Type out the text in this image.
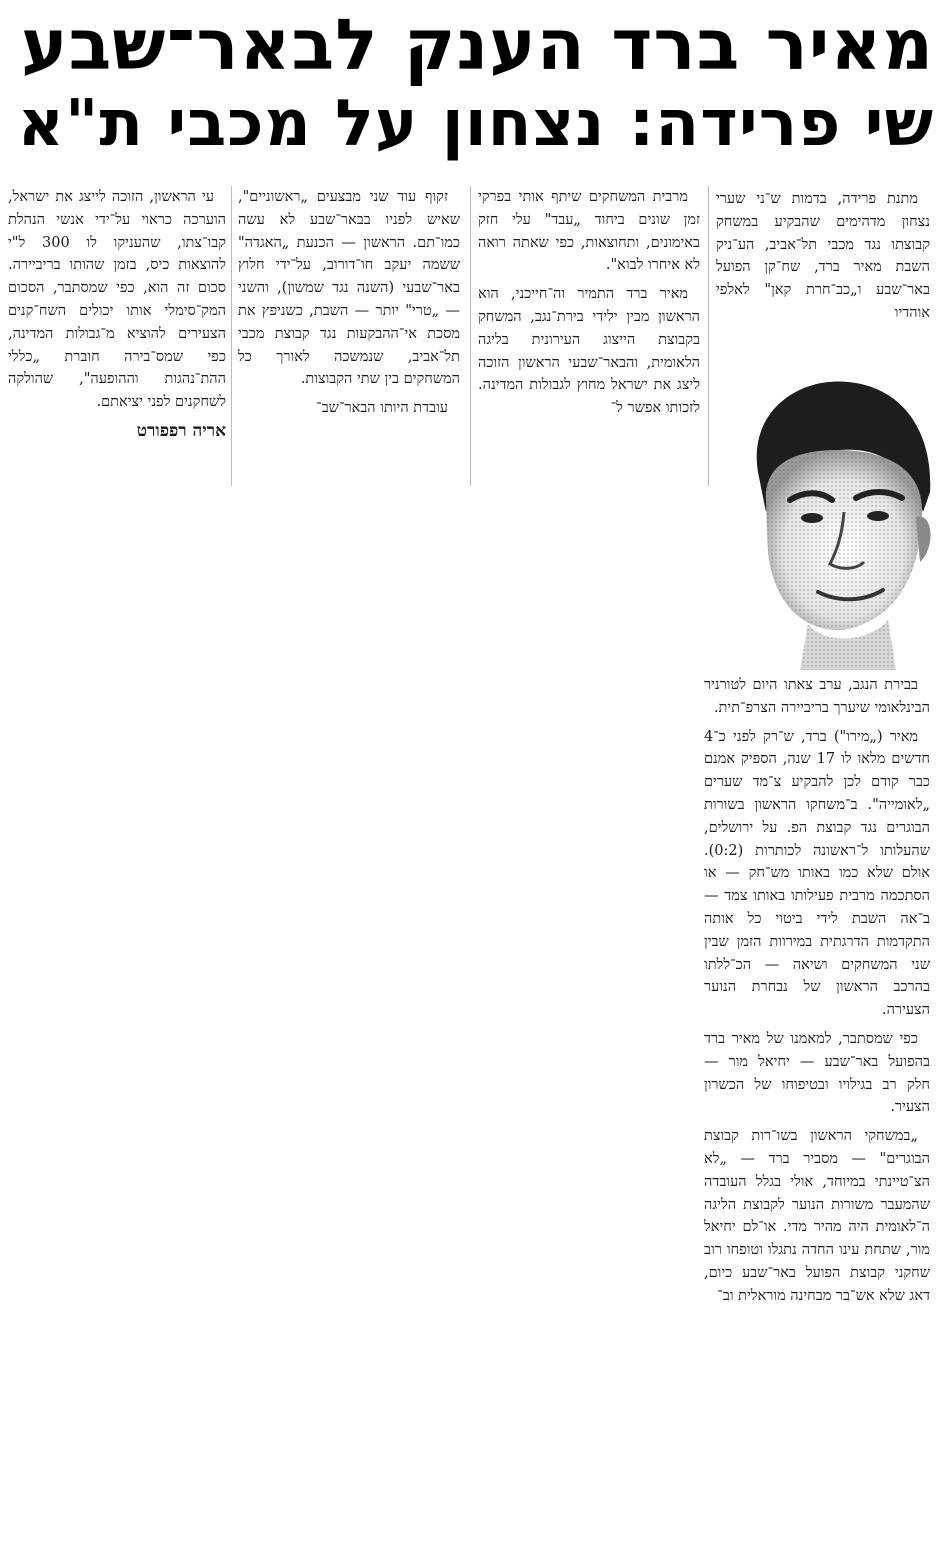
מאיר ברד הענק לבאר־שבע
שי פרידה: נצחון על מכבי ת"א

מתנת פרידה, בדמות ש־ני שערי נצחון מדהימים שהבקיע במשחק קבוצתו נגד מכבי תל־אביב, הע־ניק השבת מאיר ברד, שח־קן הפועל באר־שבע ו„כב־חרת קאן" לאלפי אוהדיו

בבירת הנגב, ערב צאתו היום לטורניר הבינלאומי שיערך בריביירה הצרפ־תית.

מאיר („מירו") ברד, ש־רק לפני כ־4 חדשים מלאו לו 17 שנה, הספיק אמנם כבר קודם לכן להבקיע צ־מד שערים „לאומייה". ב־משחקו הראשון בשורות הבוגרים נגד קבוצת הפ. על ירושלים, שהעלותו ל־ראשונה לכותרות (0:2). אולם שלא כמו באותו מש־חק — או הסתכמה מרבית פעילותו באותו צמד — ב־אה השבת לידי ביטוי כל אותה התקדמות הדרגתית במירוות הזמן שבין שני המשחקים ושיאה — הכ־ללתו בהרכב הראשון של נבחרת הנוער הצעירה.

כפי שמסתבר, למאמנו של מאיר ברד בהפועל באר־שבע — יחיאל מור — חלק רב בגילויו ובטיפוחו של הכשרון הצעיר.

„במשחקי הראשון בשו־רות קבוצת הבוגרים" — מסביר ברד — „לא הצ־טיינתי במיוחד, אולי בגלל העובדה שהמעבר משורות הנוער לקבוצת הליגה ה־לאומית היה מהיר מדי. או־לם יחיאל מור, שתחת עינו החדה נתגלו וטופחו רוב שחקני קבוצת הפועל באר־שבע כיום, דאג שלא אש־בר מבחינה מוראלית וב־

מרבית המשחקים שיתף אותי בפרקי זמן שונים ביחוד „עבד" עלי חזק באימונים, ותחוצאות, כפי שאתה רואה לא איחרו לבוא".

מאיר ברד התמיר וה־חייכני, הוא הראשון מבין ילידי בירת־נגב, המשחק בקבוצת הייצוג העירונית בליגה הלאומית, והבאר־שבעי הראשון הזוכה ליצג את ישראל מחוץ לגבולות המדינה. לזכותו אפשר ל־

זקוף עוד שני מבצעים „ראשוניים", שאיש לפניו בבאר־שבע לא עשה כמו־תם. הראשון — הכנעת „האגדה" ששמה יעקב חו־דורוב, על־ידי חלוץ באר־שבעי (השנה נגד שמשון), והשני — „טרי" יותר — השבת, כשניפץ את מסכת אי־ההבקעות נגד קבוצת מכבי תל־אביב, שנמשכה לאורך כל המשחקים בין שתי הקבוצות.

עובדת היותו הבאר־שב־

עי הראשון, הזוכה לייצג את ישראל, הוערכה כראוי על־ידי אנשי הנהלת קבו־צתו, שהעניקו לו 300 ל"י להוצאות כיס, בזמן שהותו בריביירה. סכום זה הוא, כפי שמסתבר, הסכום המק־סימלי אותו יכולים השח־קנים הצעירים להוציא מ־גבולות המדינה, כפי שמס־בירה חוברת „כללי ההת־נהגות וההופעה", שהולקה לשחקנים לפני יציאתם.

אריה רפפורט
